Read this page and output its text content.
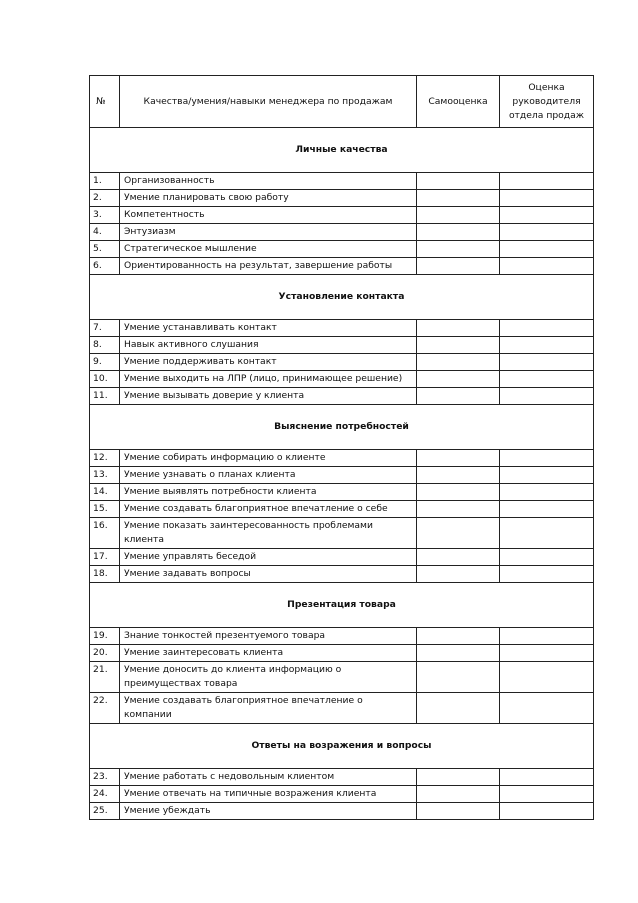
№	Качества/умения/навыки менеджера по продажам	Самооценка	Оценка руководителя отдела продаж
Личные качества			
1.	Организованность		
2.	Умение планировать свою работу		
3.	Компетентность		
4.	Энтузиазм		
5.	Стратегическое мышление		
6.	Ориентированность на результат, завершение работы		
Установление контакта			
7.	Умение устанавливать контакт		
8.	Навык активного слушания		
9.	Умение поддерживать контакт		
10.	Умение выходить на ЛПР (лицо, принимающее решение)		
11.	Умение вызывать доверие у клиента		
Выяснение потребностей			
12.	Умение собирать информацию о клиенте		
13.	Умение узнавать о планах клиента		
14.	Умение выявлять потребности клиента		
15.	Умение создавать благоприятное впечатление о себе		
16.	Умение показать заинтересованность проблемами клиента		
17.	Умение управлять беседой		
18.	Умение задавать вопросы		
Презентация товара			
19.	Знание тонкостей презентуемого товара		
20.	Умение заинтересовать клиента		
21.	Умение доносить до клиента информацию о преимуществах товара		
22.	Умение создавать благоприятное впечатление о компании		
Ответы на возражения и вопросы			
23.	Умение работать с недовольным клиентом		
24.	Умение отвечать на типичные возражения клиента		
25.	Умение убеждать		
